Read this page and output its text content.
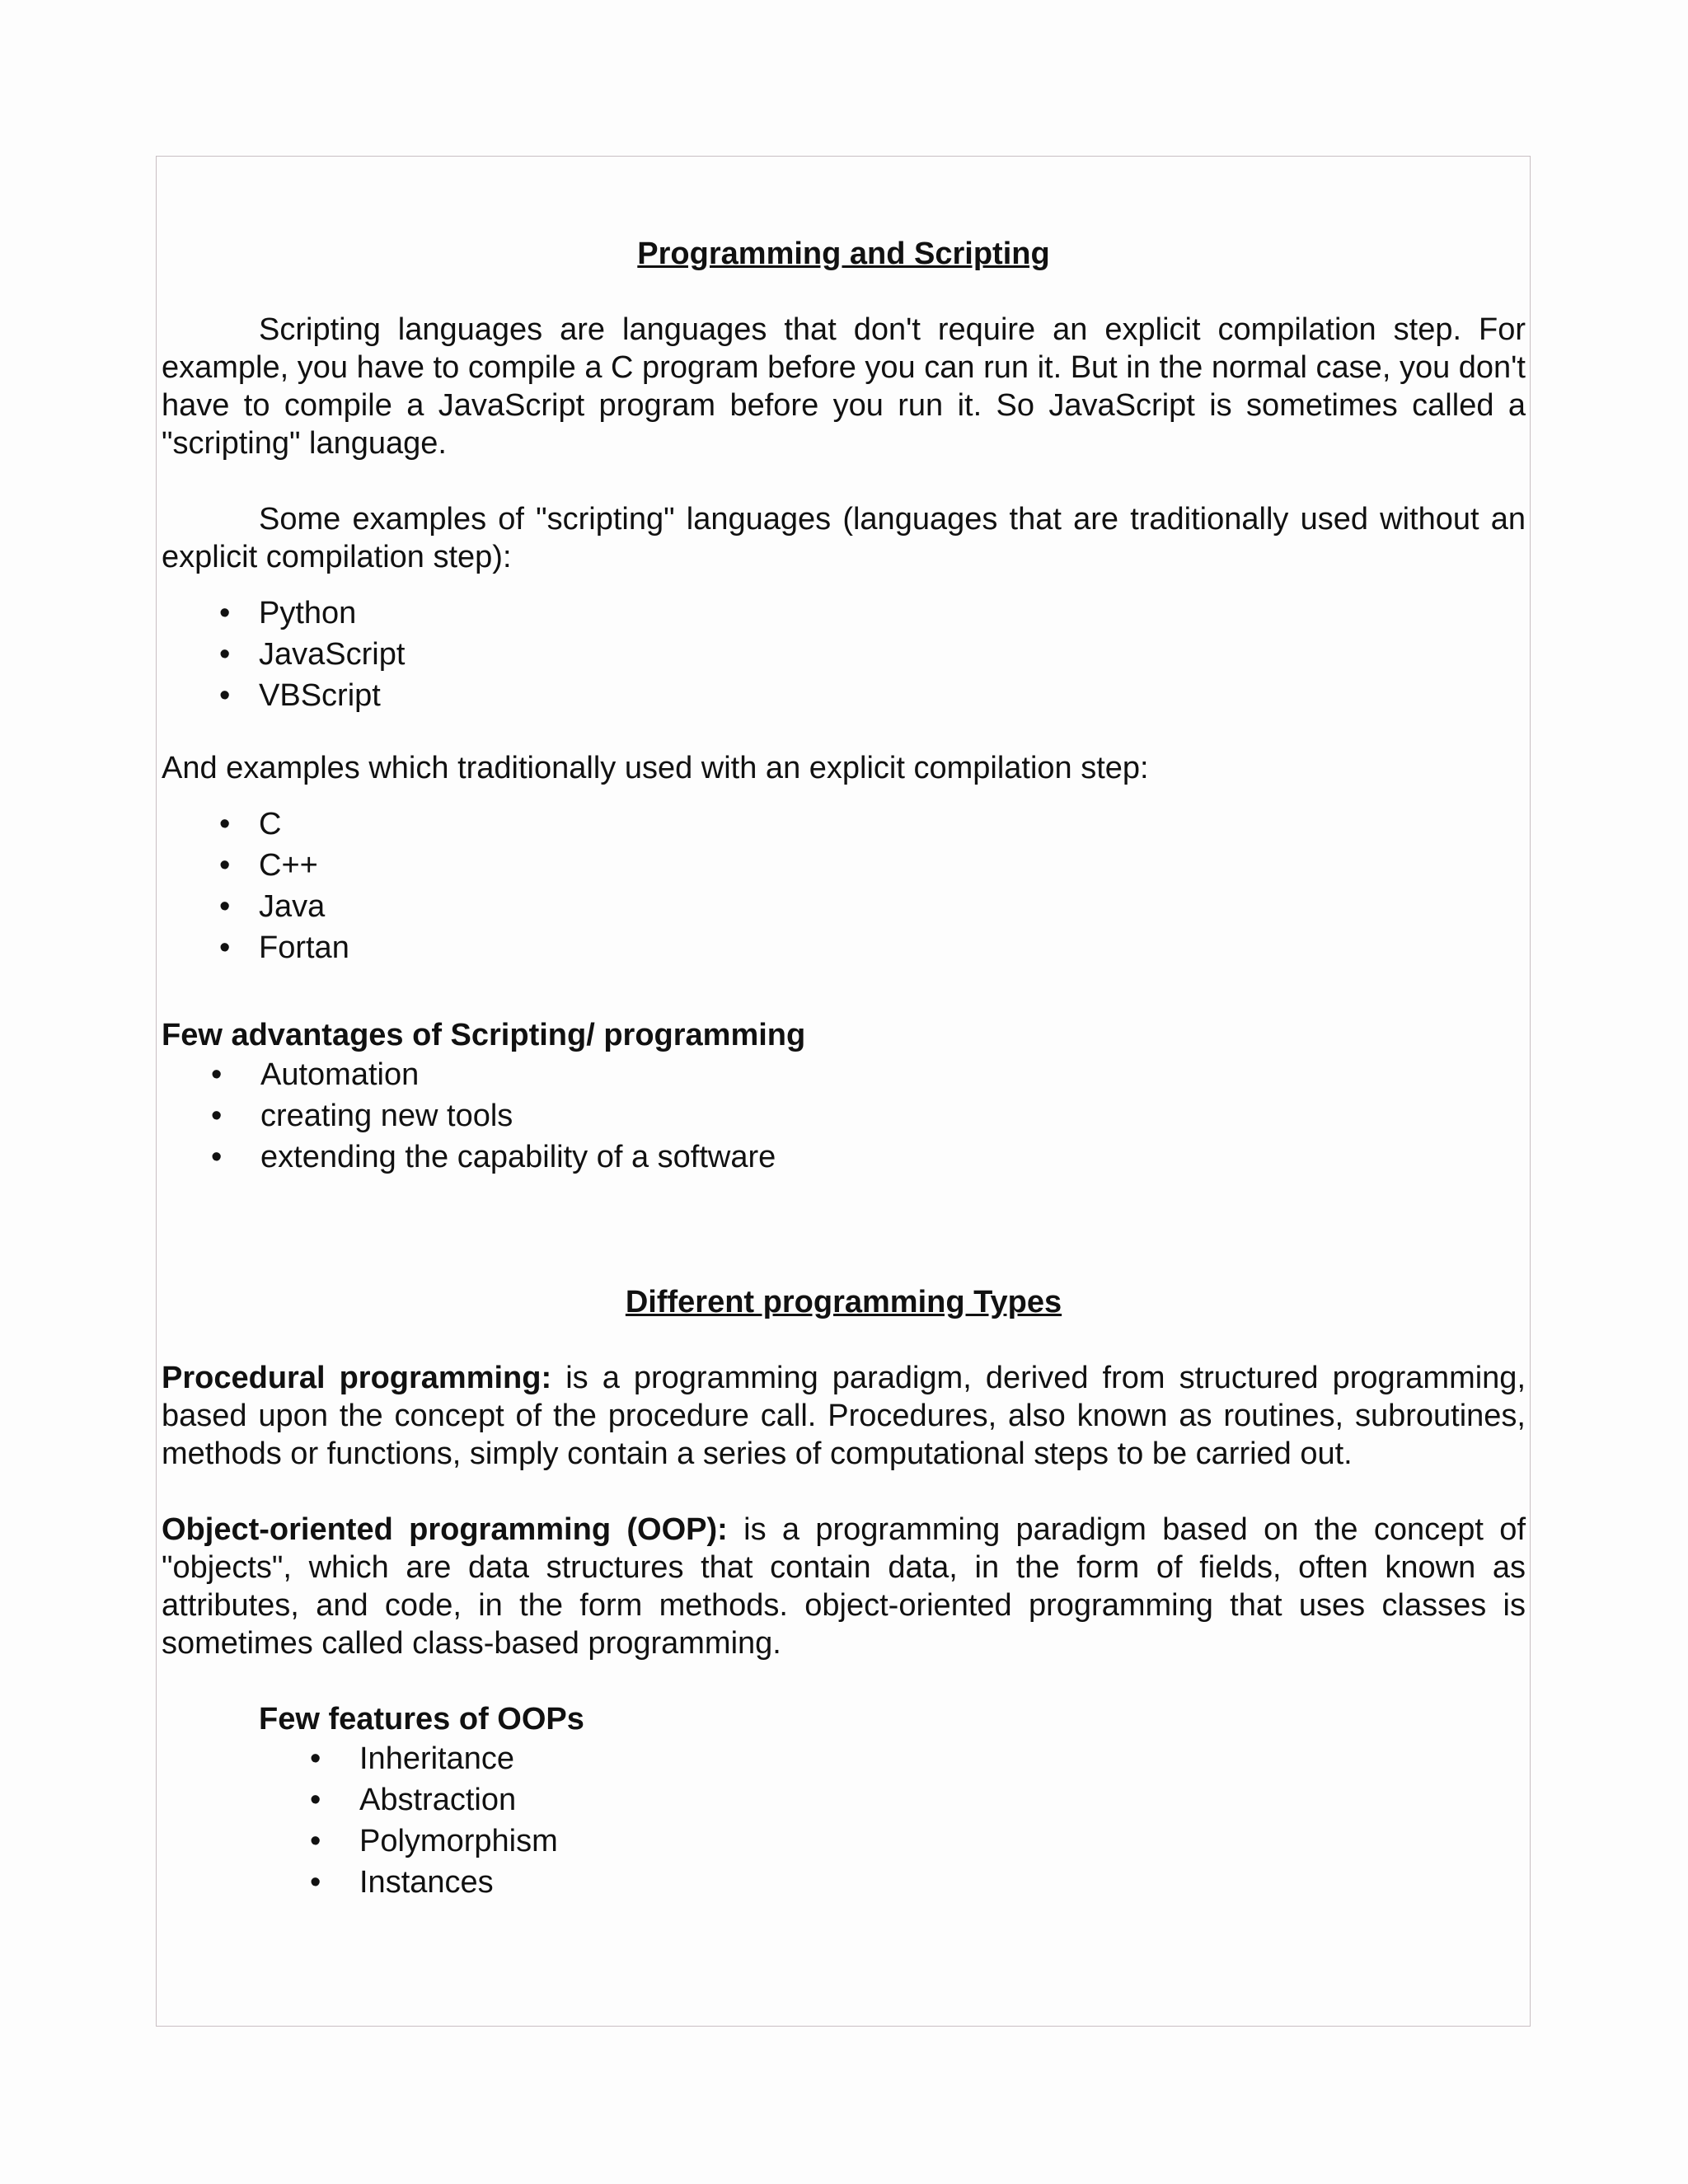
Programming and Scripting

Scripting languages are languages that don't require an explicit compilation step. For example, you have to compile a C program before you can run it. But in the normal case, you don't have to compile a JavaScript program before you run it. So JavaScript is sometimes called a "scripting" language.

Some examples of "scripting" languages (languages that are traditionally used without an explicit compilation step):

• Python
• JavaScript
• VBScript

And examples which traditionally used with an explicit compilation step:

• C
• C++
• Java
• Fortan

Few advantages of Scripting/ programming

• Automation
• creating new tools
• extending the capability of a software

Different programming Types

Procedural programming: is a programming paradigm, derived from structured programming, based upon the concept of the procedure call. Procedures, also known as routines, subroutines, methods or functions, simply contain a series of computational steps to be carried out.

Object-oriented programming (OOP): is a programming paradigm based on the concept of "objects", which are data structures that contain data, in the form of fields, often known as attributes, and code, in the form methods. object-oriented programming that uses classes is sometimes called class-based programming.

Few features of OOPs

• Inheritance
• Abstraction
• Polymorphism
• Instances
